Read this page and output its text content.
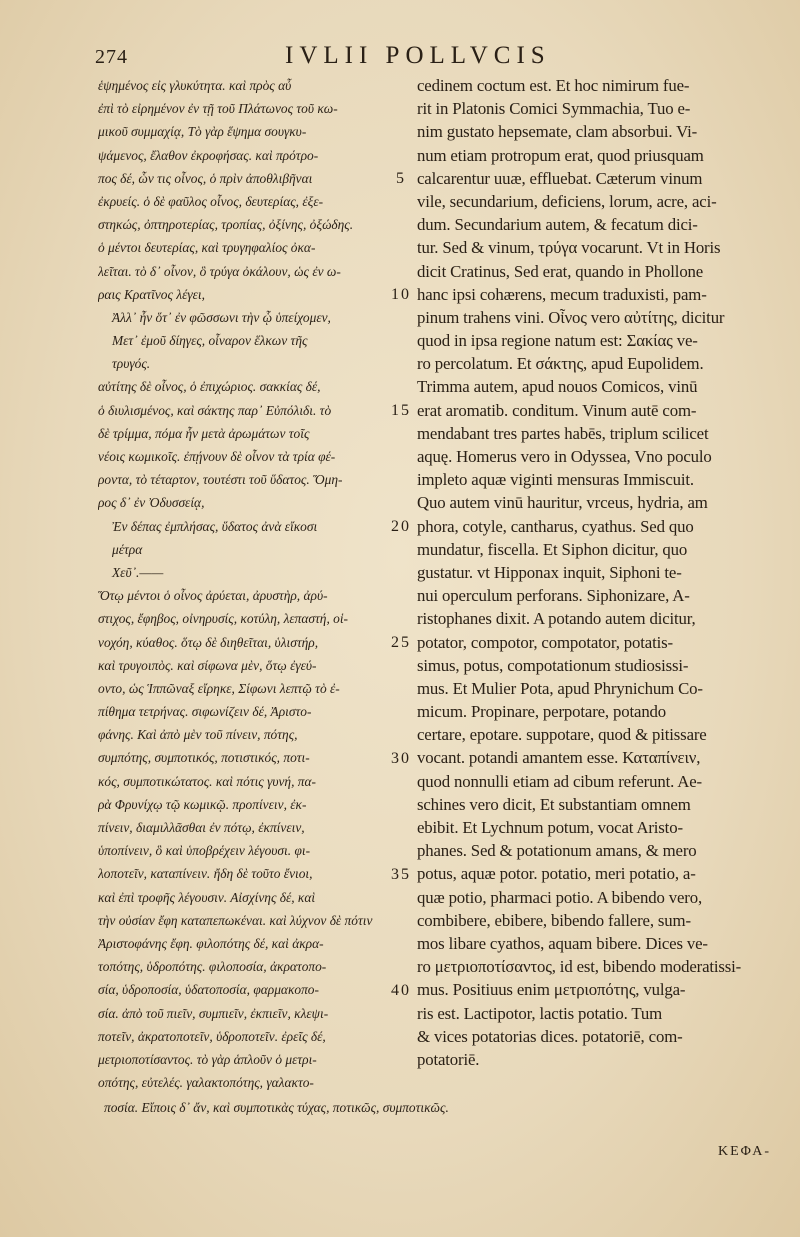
274	IVLII POLLVCIS
ἑψημένος εἰς γλυκύτητα. καὶ πρὸς αὖ
ἐπὶ τὸ εἰρημένον ἐν τῇ τοῦ Πλάτωνος τοῦ κω-
μικοῦ συμμαχίᾳ, Τὸ γὰρ ἕψημα σουγκυ-
ψάμενος, ἔλαθον ἐκροφήσας. καὶ πρότρο-
πος δέ, ὧν τις οἶνος, ὁ πρὶν ἀποθλιβῆναι
ἐκρυείς. ὁ δὲ φαῦλος οἶνος, δευτερίας, ἐξε-
στηκώς, ὀπτηροτερίας, τροπίας, ὀξίνης, ὀξώδης.
ὁ μέντοι δευτερίας, καὶ τρυγηφαλίος ὀκα-
λεῖται. τὸ δ᾽ οἶνον, ὃ τρύγα ὀκάλουν, ὡς ἐν ω-
ραις Κρατῖνος λέγει,
Ἀλλ᾽ ἦν ὅτ᾽ ἐν φῶσσωνι τὴν ᾧ ὑπείχομεν,
Μετ᾽ ἐμοῦ δίηγες, οἶναρον ἕλκων τῆς
τρυγός.
αὐτίτης δὲ οἶνος, ὁ ἐπιχώριος. σακκίας δέ,
ὁ διυλισμένος, καὶ σάκτης παρ᾽ Εὐπόλιδι. τὸ
δὲ τρίμμα, πόμα ἦν μετὰ ἀρωμάτων τοῖς
νέοις κωμικοῖς. ἐπῄνουν δὲ οἶνον τὰ τρία φέ-
ροντα, τὸ τέταρτον, τουτέστι τοῦ ὕδατος. Ὅμη-
ρος δ᾽ ἐν Ὀδυσσείᾳ,
Ἐν δέπας ἐμπλήσας, ὕδατος ἀνὰ εἴκοσι
μέτρα
Χεῦ᾽.——
Ὅτῳ μέντοι ὁ οἶνος ἀρύεται, ἀρυστὴρ, ἀρύ-
στιχος, ἔφηβος, οἰνηρυσίς, κοτύλη, λεπαστή, οἱ-
νοχόη, κύαθος. ὅτῳ δὲ διηθεῖται, ὑλιστήρ,
καὶ τρυγοιπὸς. καὶ σίφωνα μὲν, ὅτῳ ἐγεύ-
οντο, ὡς Ἱππῶναξ εἴρηκε, Σίφωνι λεπτῷ τὸ ἐ-
πίθημα τετρήνας. σιφωνίζειν δέ, Ἀριστο-
φάνης. Καὶ ἀπὸ μὲν τοῦ πίνειν, πότης,
συμπότης, συμποτικός, ποτιστικός, ποτι-
κός, συμποτικώτατος. καὶ πότις γυνή, πα-
ρὰ Φρυνίχῳ τῷ κωμικῷ. προπίνειν, ἐκ-
πίνειν, διαμιλλᾶσθαι ἐν πότῳ, ἐκπίνειν,
ὑποπίνειν, ὃ καὶ ὑποβρέχειν λέγουσι. φι-
λοποτεῖν, καταπίνειν. ἤδη δὲ τοῦτο ἔνιοι,
καὶ ἐπὶ τροφῆς λέγουσιν. Αἰσχίνης δέ, καὶ
τὴν οὐσίαν ἔφη καταπεπωκέναι. καὶ λύχνον δὲ πότιν
Ἀριστοφάνης ἔφη. φιλοπότης δέ, καὶ ἀκρα-
τοπότης, ὑδροπότης. φιλοποσία, ἀκρατοπο-
σία, ὑδροποσία, ὑδατοποσία, φαρμακοπο-
σία. ἀπὸ τοῦ πιεῖν, συμπιεῖν, ἐκπιεῖν, κλεψι-
ποτεῖν, ἀκρατοποτεῖν, ὑδροποτεῖν. ἐρεῖς δέ,
μετριοποτίσαντος. τὸ γὰρ ἁπλοῦν ὁ μετρι-
οπότης, εὐτελές. γαλακτοπότης, γαλακτο-
cedinem coctum est. Et hoc nimirum fue-
rit in Platonis Comici Symmachia, Tuo e-
nim gustato hepsemate, clam absorbui. Vi-
num etiam protropum erat, quod priusquam
calcarentur uuæ, effluebat. Cæterum vinum
vile, secundarium, deficiens, lorum, acre, aci-
dum. Secundarium autem, & fecatum dici-
tur. Sed & vinum, τρύγα vocarunt. Vt in Horis
dicit Cratinus, Sed erat, quando in Phollone
hanc ipsi cohærens, mecum traduxisti, pam-
pinum trahens vini. Οἶνος vero αὐτίτης, dicitur
quod in ipsa regione natum est: Σακίας ve-
ro percolatum. Et σάκτης, apud Eupolidem.
Trimma autem, apud nouos Comicos, vinū
erat aromatib. conditum. Vinum autē com-
mendabant tres partes habēs, triplum scilicet
aquę. Homerus vero in Odyssea, Vno poculo
impleto aquæ viginti mensuras Immiscuit.
Quo autem vinū hauritur, vrceus, hydria, am
phora, cotyle, cantharus, cyathus. Sed quo
mundatur, fiscella. Et Siphon dicitur, quo
gustatur. vt Hipponax inquit, Siphoni te-
nui operculum perforans. Siphonizare, A-
ristophanes dixit. A potando autem dicitur,
potator, compotor, compotator, potatis-
simus, potus, compotationum studiosissi-
mus. Et Mulier Pota, apud Phrynichum Co-
micum. Propinare, perpotare, potando
certare, epotare. suppotare, quod & pitissare
vocant. potandi amantem esse. Καταπίνειν,
quod nonnulli etiam ad cibum referunt. Ae-
schines vero dicit, Et substantiam omnem
ebibit. Et Lychnum potum, vocat Aristo-
phanes. Sed & potationum amans, & mero
potus, aquæ potor. potatio, meri potatio, a-
quæ potio, pharmaci potio. A bibendo vero,
combibere, ebibere, bibendo fallere, sum-
mos libare cyathos, aquam bibere. Dices ve-
ro μετριοποτίσαντος, id est, bibendo moderatissi-
mus. Positiuus enim μετριοπότης, vulga-
ris est. Lactipotor, lactis potatio. Tum
& vices potatorias dices. potatoriē, com-
potatoriē.
5
10
15
20
25
30
35
40
ποσία. Εἴποις δ᾽ ἄν, καὶ συμποτικὰς τύχας, ποτικῶς, συμποτικῶς.
ΚΕΦΑ-
